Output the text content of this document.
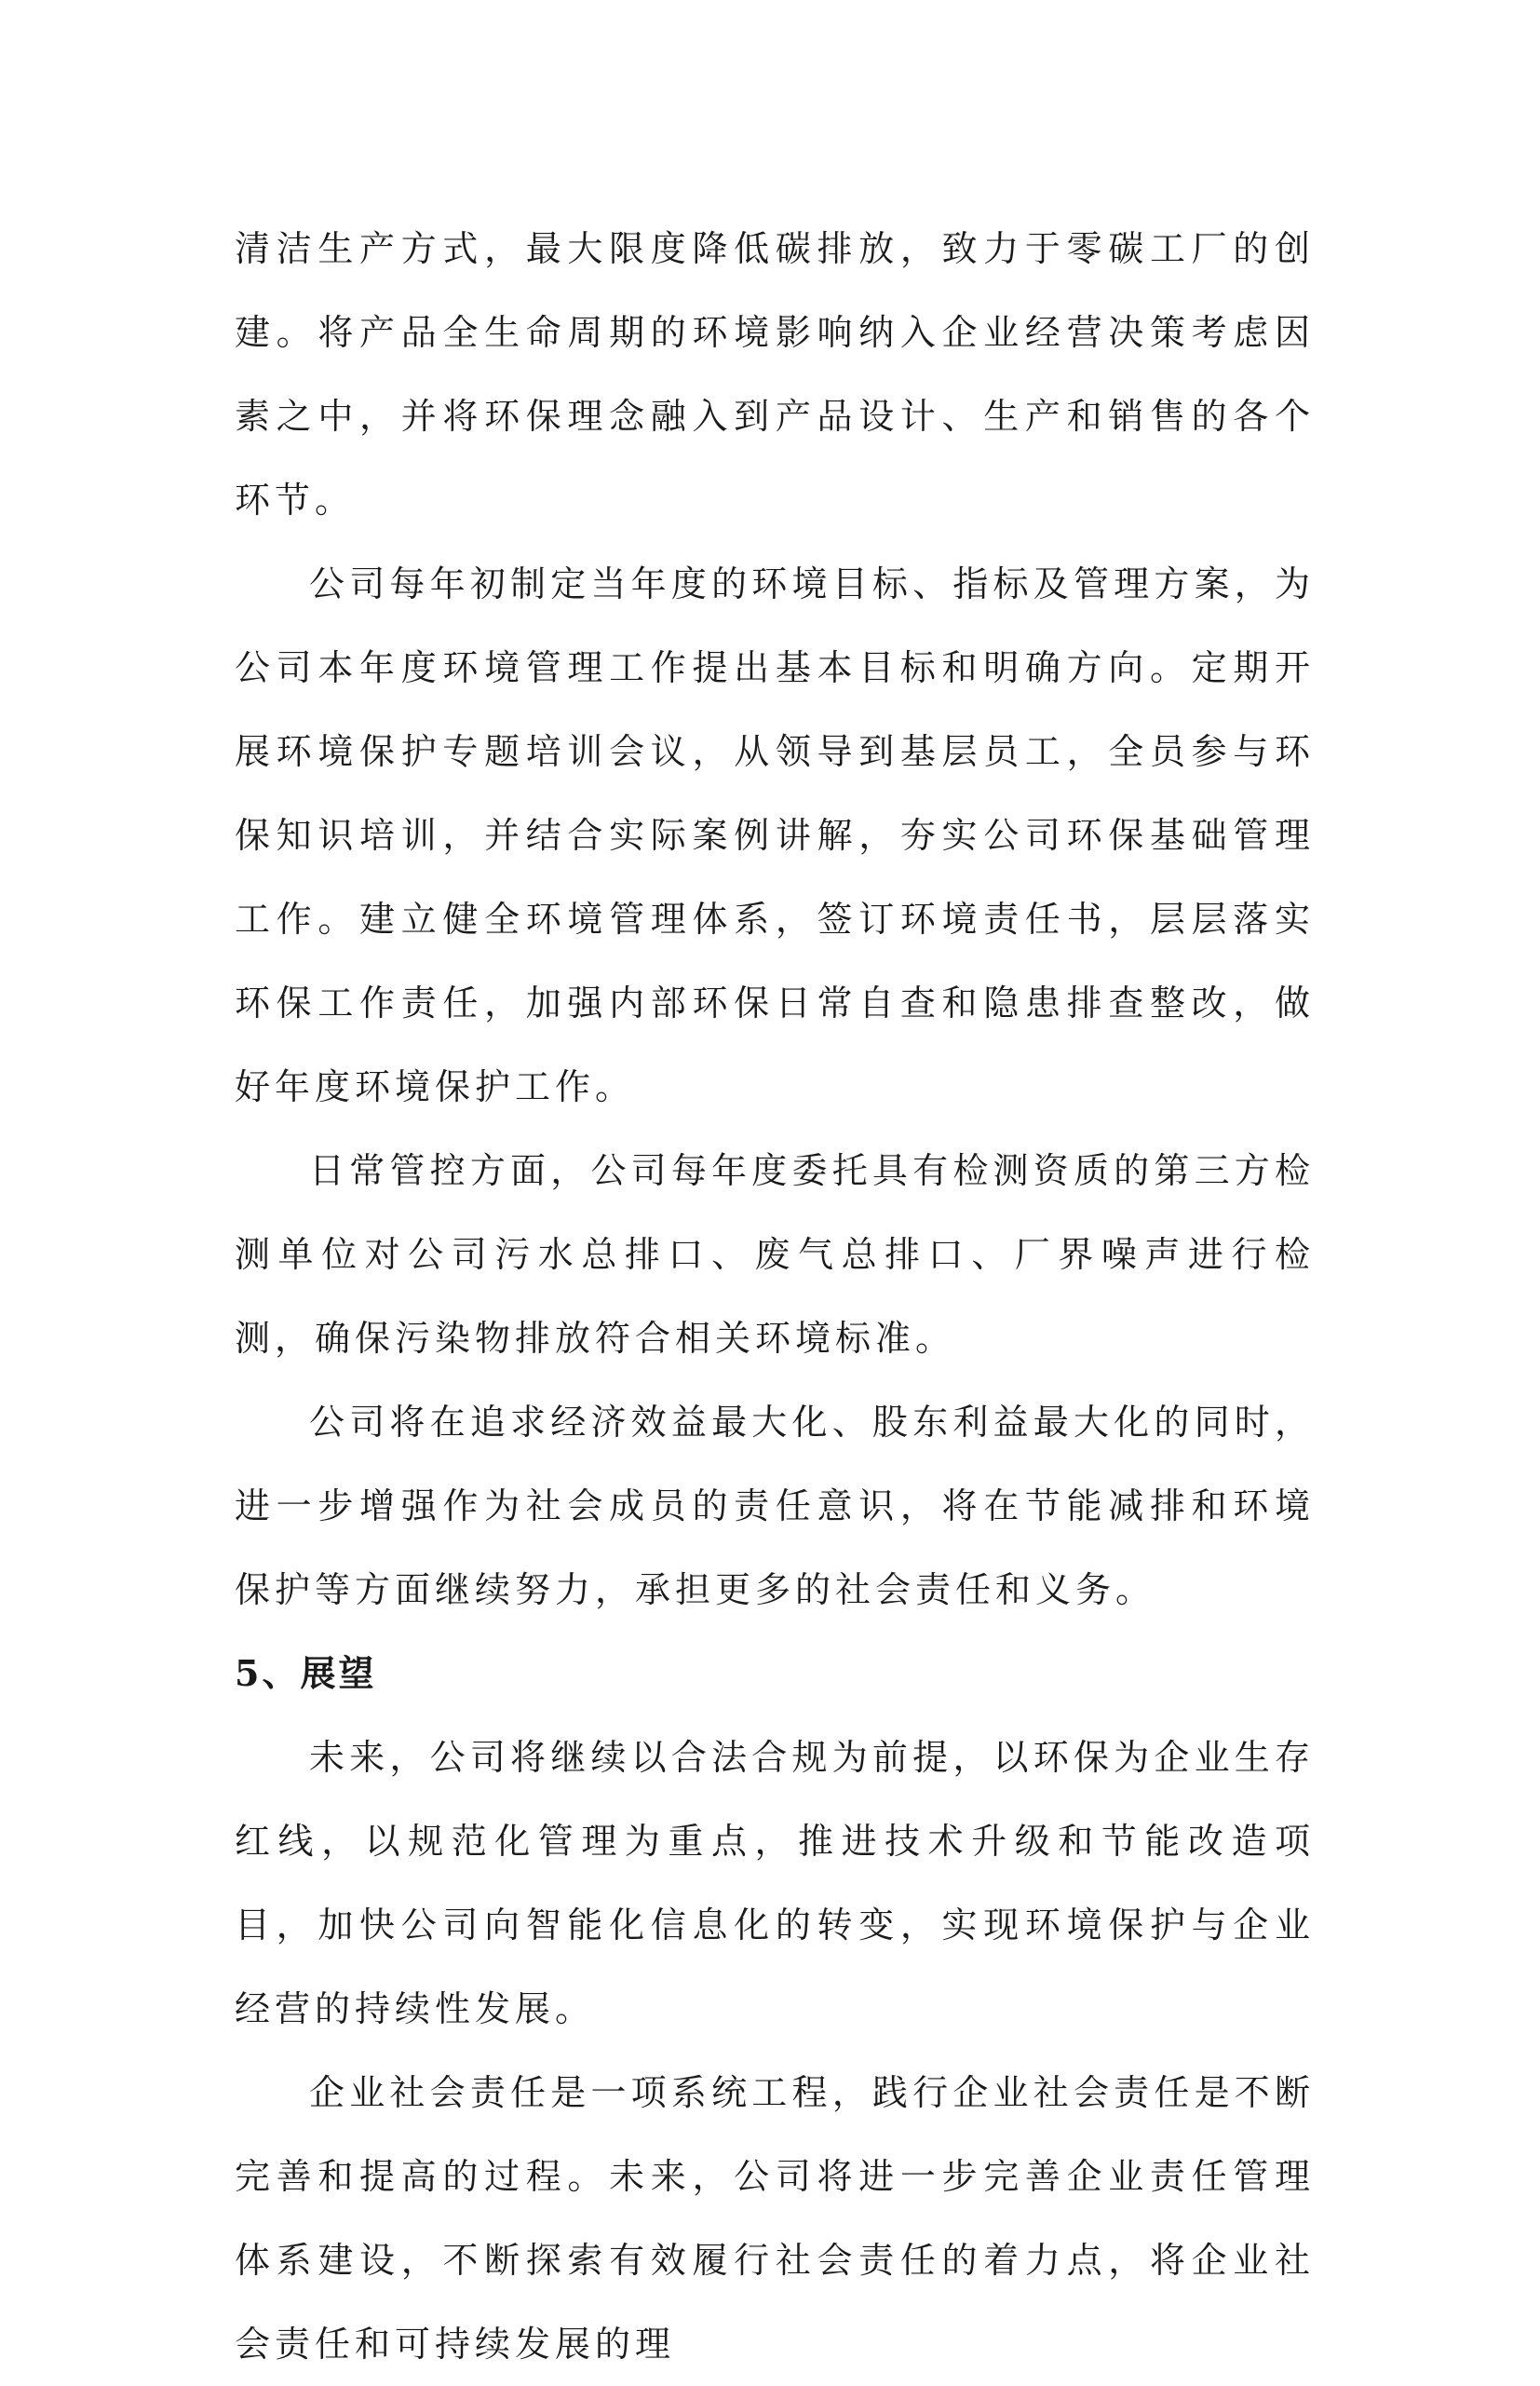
清洁生产方式，最大限度降低碳排放，致力于零碳工厂的创建。将产品全生命周期的环境影响纳入企业经营决策考虑因素之中，并将环保理念融入到产品设计、生产和销售的各个环节。

公司每年初制定当年度的环境目标、指标及管理方案，为公司本年度环境管理工作提出基本目标和明确方向。定期开展环境保护专题培训会议，从领导到基层员工，全员参与环保知识培训，并结合实际案例讲解，夯实公司环保基础管理工作。建立健全环境管理体系，签订环境责任书，层层落实环保工作责任，加强内部环保日常自查和隐患排查整改，做好年度环境保护工作。

日常管控方面，公司每年度委托具有检测资质的第三方检测单位对公司污水总排口、废气总排口、厂界噪声进行检测，确保污染物排放符合相关环境标准。

公司将在追求经济效益最大化、股东利益最大化的同时，进一步增强作为社会成员的责任意识，将在节能减排和环境保护等方面继续努力，承担更多的社会责任和义务。

5、展望

未来，公司将继续以合法合规为前提，以环保为企业生存红线，以规范化管理为重点，推进技术升级和节能改造项目，加快公司向智能化信息化的转变，实现环境保护与企业经营的持续性发展。

企业社会责任是一项系统工程，践行企业社会责任是不断完善和提高的过程。未来，公司将进一步完善企业责任管理体系建设，不断探索有效履行社会责任的着力点，将企业社会责任和可持续发展的理
